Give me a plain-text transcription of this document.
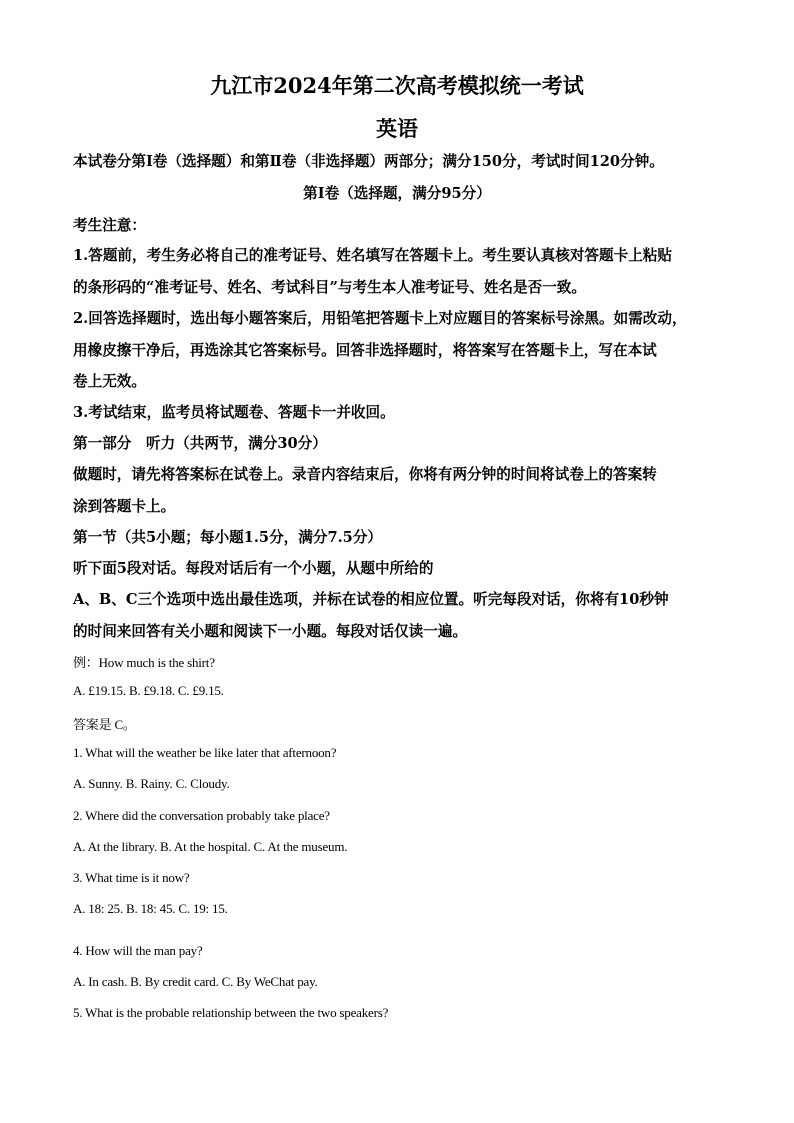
九江市2024年第二次高考模拟统一考试
英语
本试卷分第Ⅰ卷（选择题）和第Ⅱ卷（非选择题）两部分；满分150分，考试时间120分钟。
第Ⅰ卷（选择题，满分95分）
考生注意：
1.答题前，考生务必将自己的准考证号、姓名填写在答题卡上。考生要认真核对答题卡上粘贴
的条形码的“准考证号、姓名、考试科目”与考生本人准考证号、姓名是否一致。
2.回答选择题时，选出每小题答案后，用铅笔把答题卡上对应题目的答案标号涂黑。如需改动，
用橡皮擦干净后，再选涂其它答案标号。回答非选择题时，将答案写在答题卡上，写在本试
卷上无效。
3.考试结束，监考员将试题卷、答题卡一并收回。
第一部分　听力（共两节，满分30分）
做题时，请先将答案标在试卷上。录音内容结束后，你将有两分钟的时间将试卷上的答案转
涂到答题卡上。
第一节（共5小题；每小题1.5分，满分7.5分）
听下面5段对话。每段对话后有一个小题，从题中所给的
A、B、C三个选项中选出最佳选项，并标在试卷的相应位置。听完每段对话，你将有10秒钟
的时间来回答有关小题和阅读下一小题。每段对话仅读一遍。
例：How much is the shirt?
A. £19.15. B. £9.18. C. £9.15.
答案是 C。
1. What will the weather be like later that afternoon?
A. Sunny. B. Rainy. C. Cloudy.
2. Where did the conversation probably take place?
A. At the library. B. At the hospital. C. At the museum.
3. What time is it now?
A. 18: 25. B. 18: 45. C. 19: 15.
4. How will the man pay?
A. In cash. B. By credit card. C. By WeChat pay.
5. What is the probable relationship between the two speakers?
